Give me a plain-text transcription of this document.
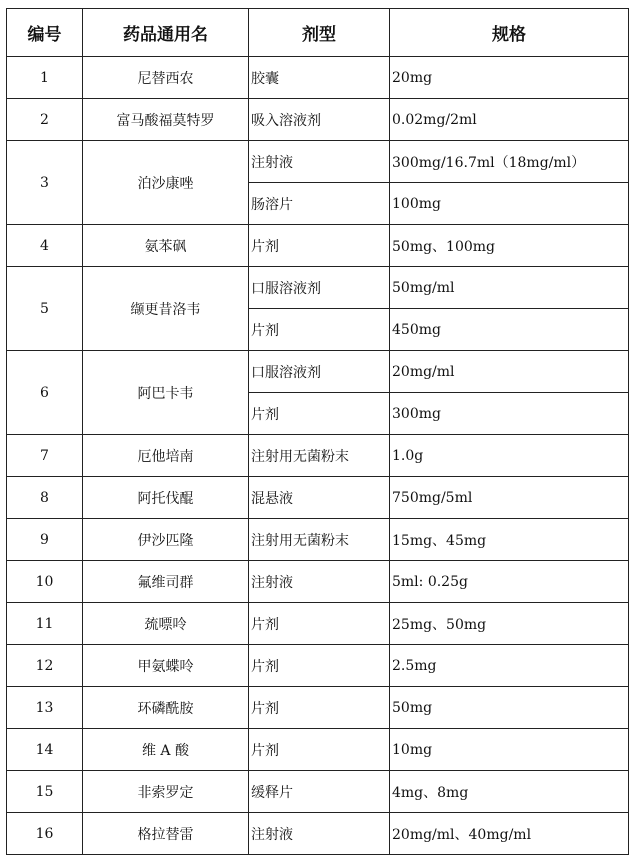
编号	药品通用名	剂型	规格
1	尼替西农	胶囊	20mg
2	富马酸福莫特罗	吸入溶液剂	0.02mg/2ml
3	泊沙康唑	注射液	300mg/16.7ml（18mg/ml）
		肠溶片	100mg
4	氨苯砜	片剂	50mg、100mg
5	缬更昔洛韦	口服溶液剂	50mg/ml
		片剂	450mg
6	阿巴卡韦	口服溶液剂	20mg/ml
		片剂	300mg
7	厄他培南	注射用无菌粉末	1.0g
8	阿托伐醌	混悬液	750mg/5ml
9	伊沙匹隆	注射用无菌粉末	15mg、45mg
10	氟维司群	注射液	5ml: 0.25g
11	巯嘌呤	片剂	25mg、50mg
12	甲氨蝶呤	片剂	2.5mg
13	环磷酰胺	片剂	50mg
14	维 A 酸	片剂	10mg
15	非索罗定	缓释片	4mg、8mg
16	格拉替雷	注射液	20mg/ml、40mg/ml
